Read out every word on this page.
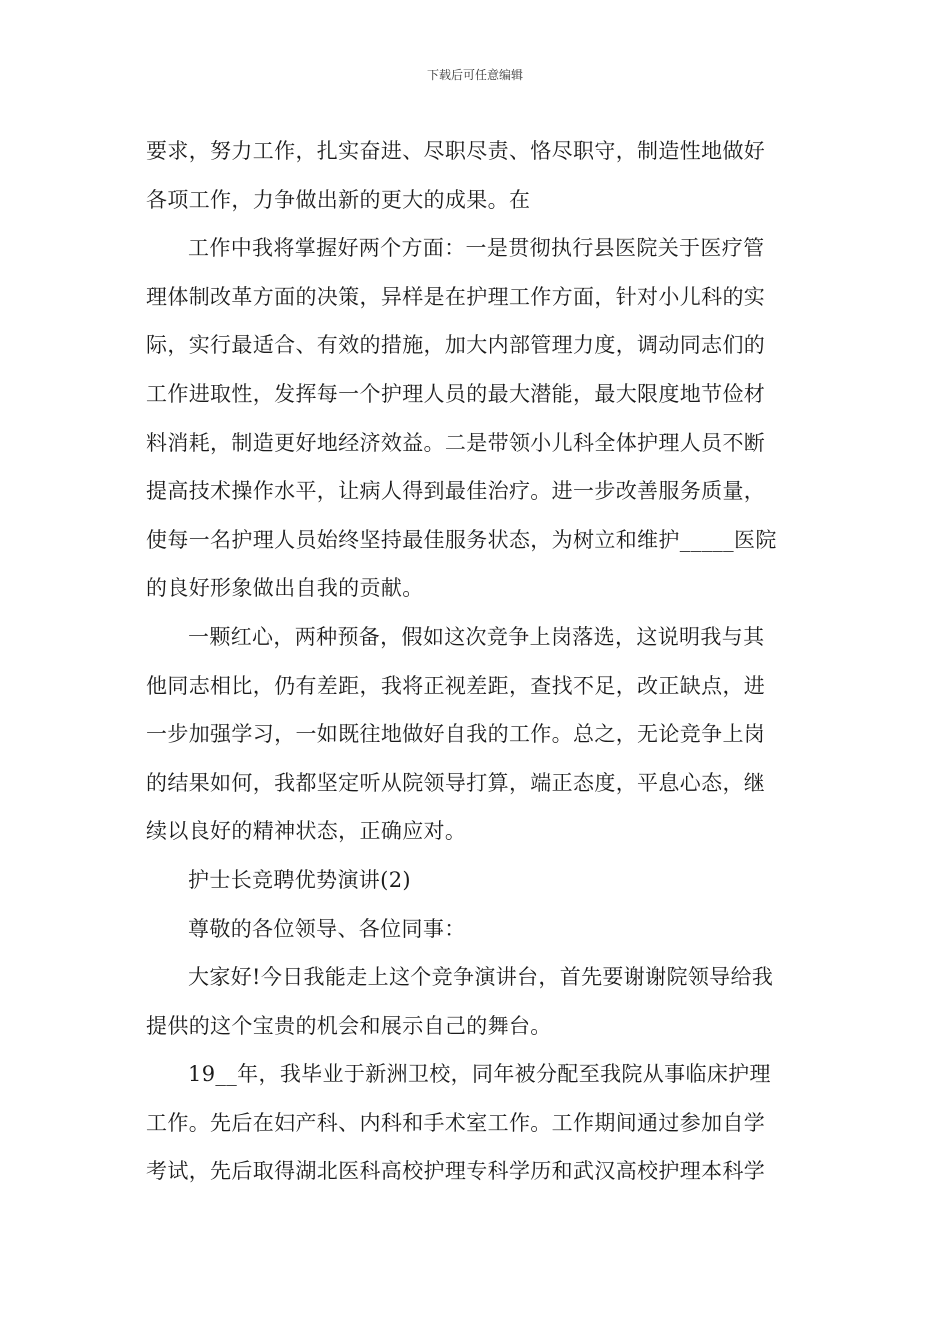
下载后可任意编辑
要求，努力工作，扎实奋进、尽职尽责、恪尽职守，制造性地做好
各项工作，力争做出新的更大的成果。在
工作中我将掌握好两个方面：一是贯彻执行县医院关于医疗管
理体制改革方面的决策，异样是在护理工作方面，针对小儿科的实
际，实行最适合、有效的措施，加大内部管理力度，调动同志们的
工作进取性，发挥每一个护理人员的最大潜能，最大限度地节俭材
料消耗，制造更好地经济效益。二是带领小儿科全体护理人员不断
提高技术操作水平，让病人得到最佳治疗。进一步改善服务质量，
使每一名护理人员始终坚持最佳服务状态，为树立和维护_____医院
的良好形象做出自我的贡献。
一颗红心，两种预备，假如这次竞争上岗落选，这说明我与其
他同志相比，仍有差距，我将正视差距，查找不足，改正缺点，进
一步加强学习，一如既往地做好自我的工作。总之，无论竞争上岗
的结果如何，我都坚定听从院领导打算，端正态度，平息心态，继
续以良好的精神状态，正确应对。
护士长竞聘优势演讲(2)
尊敬的各位领导、各位同事：
大家好!今日我能走上这个竞争演讲台，首先要谢谢院领导给我
提供的这个宝贵的机会和展示自己的舞台。
19__年，我毕业于新洲卫校，同年被分配至我院从事临床护理
工作。先后在妇产科、内科和手术室工作。工作期间通过参加自学
考试，先后取得湖北医科高校护理专科学历和武汉高校护理本科学
